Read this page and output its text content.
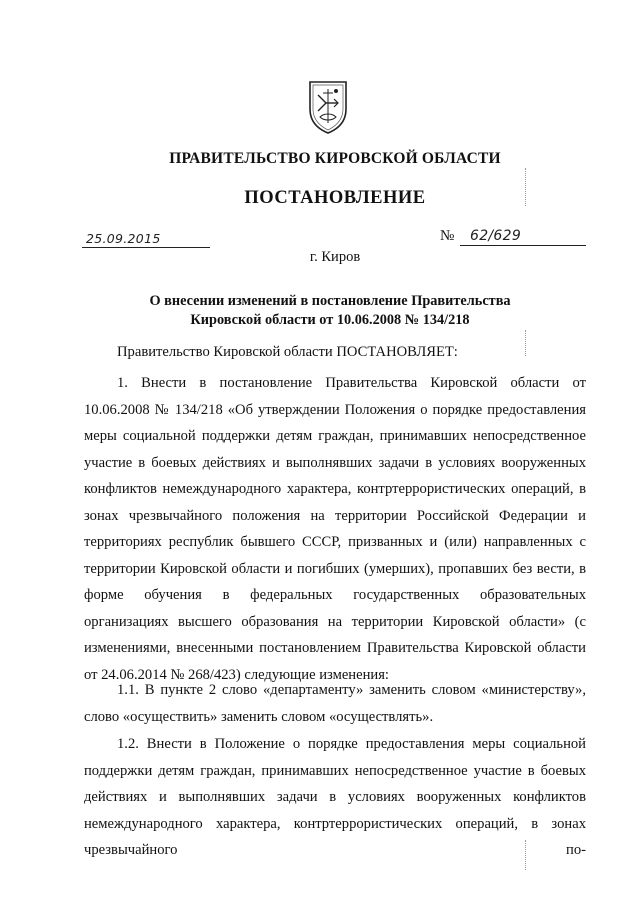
ПРАВИТЕЛЬСТВО КИРОВСКОЙ ОБЛАСТИ
ПОСТАНОВЛЕНИЕ
25.09.2015	№ 62/629
г. Киров
О внесении изменений в постановление Правительства
Кировской области от 10.06.2008 № 134/218
Правительство Кировской области ПОСТАНОВЛЯЕТ:
1. Внести в постановление Правительства Кировской области от 10.06.2008 № 134/218 «Об утверждении Положения о порядке предоставления меры социальной поддержки детям граждан, принимавших непосредственное участие в боевых действиях и выполнявших задачи в условиях вооруженных конфликтов немеждународного характера, контртеррористических операций, в зонах чрезвычайного положения на территории Российской Федерации и территориях республик бывшего СССР, призванных и (или) направленных с территории Кировской области и погибших (умерших), пропавших без вести, в форме обучения в федеральных государственных образовательных организациях высшего образования на территории Кировской области» (с изменениями, внесенными постановлением Правительства Кировской области от 24.06.2014 № 268/423) следующие изменения:
1.1. В пункте 2 слово «департаменту» заменить словом «министерству», слово «осуществить» заменить словом «осуществлять».
1.2. Внести в Положение о порядке предоставления меры социальной поддержки детям граждан, принимавших непосредственное участие в боевых действиях и выполнявших задачи в условиях вооруженных конфликтов немеждународного характера, контртеррористических операций, в зонах чрезвычайного по-
